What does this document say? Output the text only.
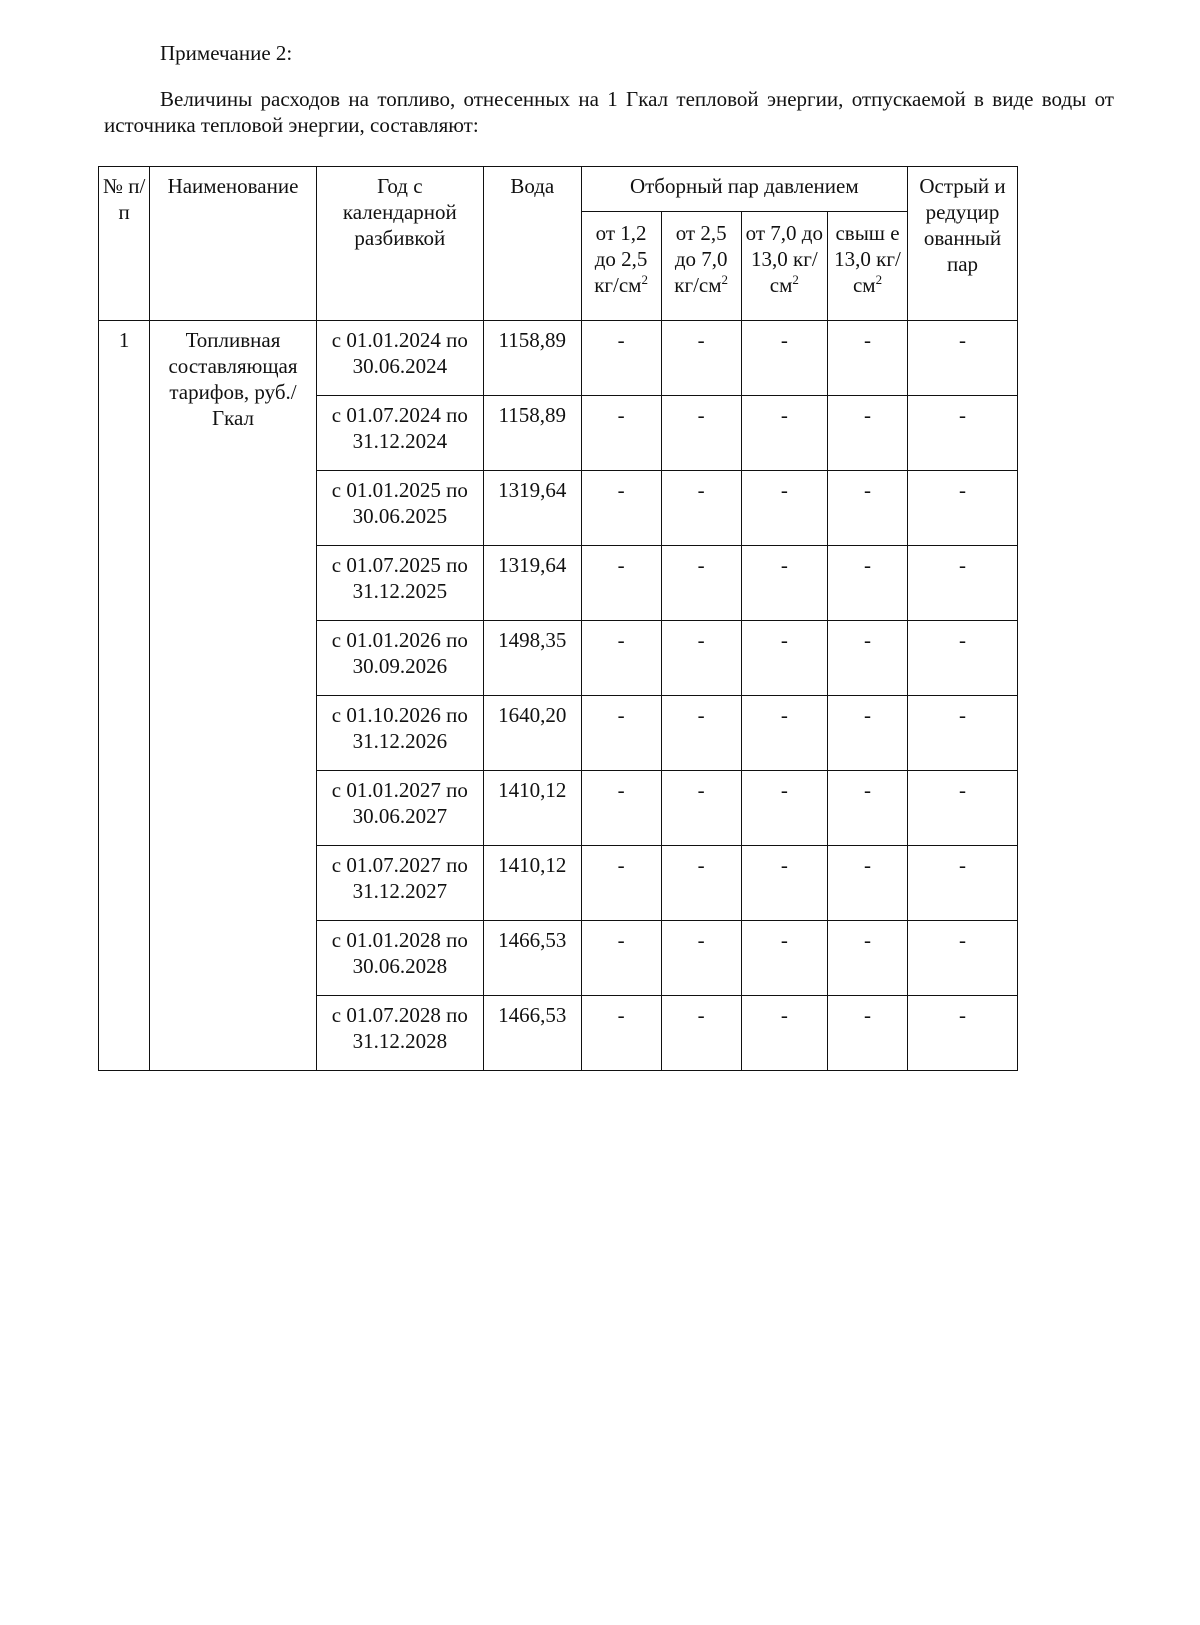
Примечание 2:
Величины расходов на топливо, отнесенных на 1 Гкал тепловой энергии, отпускаемой в виде воды от источника тепловой энергии, составляют:
№ п/п	Наименование	Год с календарной разбивкой	Вода	Отборный пар давлением				Острый и редуцир ованный пар
				от 1,2 до 2,5 $кг/см^2$	от 2,5 до 7,0 $кг/см^2$	от 7,0 до 13,0 $кг/см^2$	свыш е 13,0 $кг/см^2$
1	Топливная составляющая тарифов, руб./Гкал	с 01.01.2024 по 30.06.2024	1158,89	-	-	-	-	-
		с 01.07.2024 по 31.12.2024	1158,89	-	-	-	-	-
		с 01.01.2025 по 30.06.2025	1319,64	-	-	-	-	-
		с 01.07.2025 по 31.12.2025	1319,64	-	-	-	-	-
		с 01.01.2026 по 30.09.2026	1498,35	-	-	-	-	-
		с 01.10.2026 по 31.12.2026	1640,20	-	-	-	-	-
		с 01.01.2027 по 30.06.2027	1410,12	-	-	-	-	-
		с 01.07.2027 по 31.12.2027	1410,12	-	-	-	-	-
		с 01.01.2028 по 30.06.2028	1466,53	-	-	-	-	-
		с 01.07.2028 по 31.12.2028	1466,53	-	-	-	-	-
